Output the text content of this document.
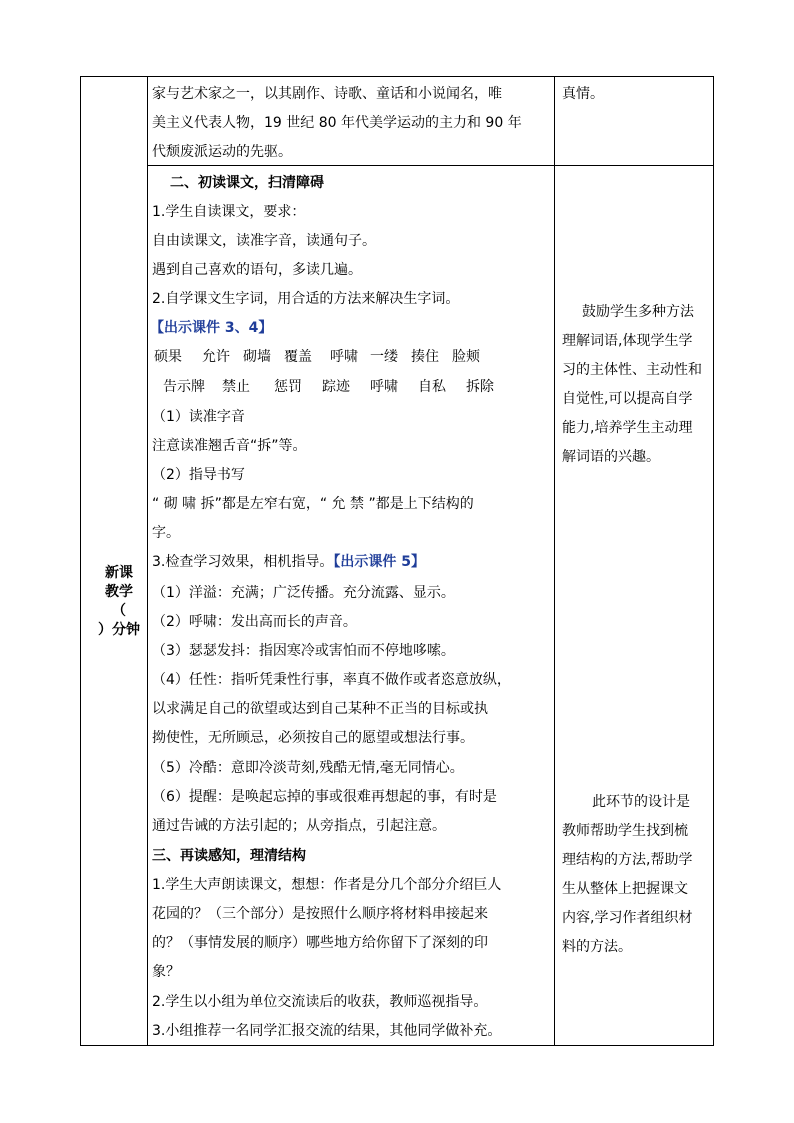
家与艺术家之一，以其剧作、诗歌、童话和小说闻名，唯
美主义代表人物，19 世纪 80 年代美学运动的主力和 90 年
代颓废派运动的先驱。
真情。
新课
教学
（
）分钟
二、初读课文，扫清障碍
1.学生自读课文，要求：
自由读课文，读准字音，读通句子。
遇到自己喜欢的语句，多读几遍。
2.自学课文生字词，用合适的方法来解决生字词。
【出示课件 3、4】
硕果 允许 砌墙 覆盖 呼啸 一缕 揍住 脸颊
告示牌 禁止 惩罚 踪迹 呼啸 自私 拆除
（1）读准字音
注意读准翘舌音“拆”等。
（2）指导书写
“ 砌 啸 拆”都是左窄右宽，“ 允 禁 ”都是上下结构的
字。
3.检查学习效果，相机指导。【出示课件 5】
（1）洋溢：充满；广泛传播。充分流露、显示。
（2）呼啸：发出高而长的声音。
（3）瑟瑟发抖：指因寒冷或害怕而不停地哆嗦。
（4）任性：指听凭秉性行事，率真不做作或者恣意放纵，
以求满足自己的欲望或达到自己某种不正当的目标或执
拗使性，无所顾忌，必须按自己的愿望或想法行事。
（5）冷酷：意即冷淡苛刻,残酷无情,毫无同情心。
（6）提醒：是唤起忘掉的事或很难再想起的事，有时是
通过告诫的方法引起的；从旁指点，引起注意。
三、再读感知，理清结构
1.学生大声朗读课文，想想：作者是分几个部分介绍巨人
花园的？（三个部分）是按照什么顺序将材料串接起来
的？（事情发展的顺序）哪些地方给你留下了深刻的印
象？
2.学生以小组为单位交流读后的收获，教师巡视指导。
3.小组推荐一名同学汇报交流的结果，其他同学做补充。
鼓励学生多种方法
理解词语,体现学生学
习的主体性、主动性和
自觉性,可以提高自学
能力,培养学生主动理
解词语的兴趣。
此环节的设计是
教师帮助学生找到梳
理结构的方法,帮助学
生从整体上把握课文
内容,学习作者组织材
料的方法。
